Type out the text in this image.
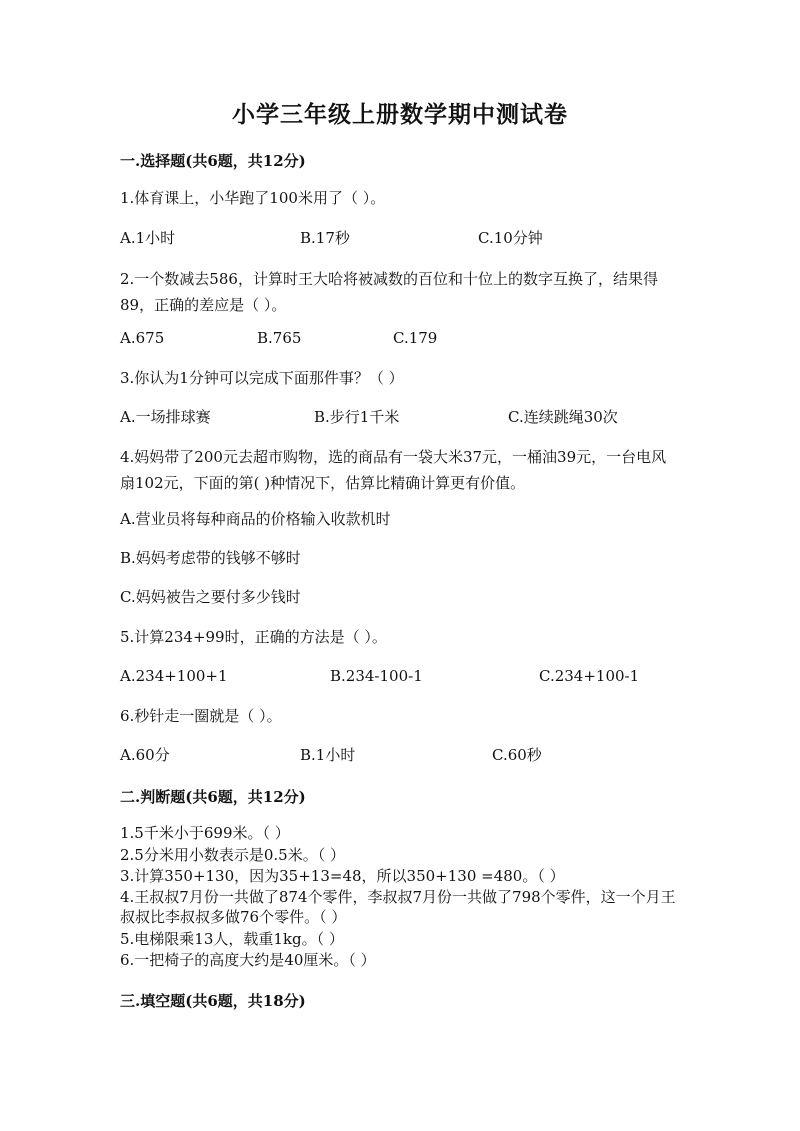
小学三年级上册数学期中测试卷

一.选择题(共6题，共12分)

1.体育课上，小华跑了100米用了（ ）。

A.1小时	B.17秒	C.10分钟

2.一个数减去586，计算时王大哈将被减数的百位和十位上的数字互换了，结果得89，正确的差应是（ ）。

A.675	B.765	C.179

3.你认为1分钟可以完成下面那件事？（ ）

A.一场排球赛	B.步行1千米	C.连续跳绳30次

4.妈妈带了200元去超市购物，选的商品有一袋大米37元，一桶油39元，一台电风扇102元，下面的第( )种情况下，估算比精确计算更有价值。

A.营业员将每种商品的价格输入收款机时
B.妈妈考虑带的钱够不够时
C.妈妈被告之要付多少钱时

5.计算234+99时，正确的方法是（ ）。

A.234+100+1	B.234-100-1	C.234+100-1

6.秒针走一圈就是（ ）。

A.60分	B.1小时	C.60秒

二.判断题(共6题，共12分)

1.5千米小于699米。（ ）

2.5分米用小数表示是0.5米。（ ）

3.计算350+130，因为35+13=48，所以350+130 =480。（ ）

4.王叔叔7月份一共做了874个零件，李叔叔7月份一共做了798个零件，这一个月王叔叔比李叔叔多做76个零件。（ ）

5.电梯限乘13人，载重1kg。（ ）

6.一把椅子的高度大约是40厘米。（ ）

三.填空题(共6题，共18分)
